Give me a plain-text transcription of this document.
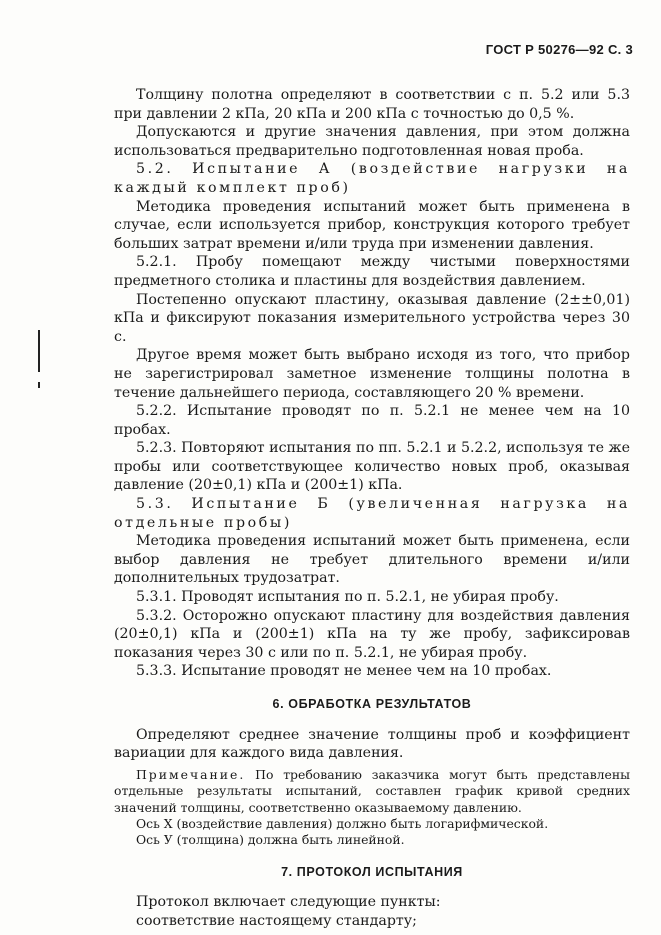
ГОСТ Р 50276—92 С. 3

Толщину полотна определяют в соответствии с п. 5.2 или 5.3 при давлении 2 кПа, 20 кПа и 200 кПа с точностью до 0,5 %.

Допускаются и другие значения давления, при этом должна использоваться предварительно подготовленная новая проба.

5.2. Испытание А (воздействие нагрузки на каждый комплект проб)

Методика проведения испытаний может быть применена в случае, если используется прибор, конструкция которого требует больших затрат времени и/или труда при изменении давления.

5.2.1. Пробу помещают между чистыми поверхностями предметного столика и пластины для воздействия давлением.

Постепенно опускают пластину, оказывая давление (2±±0,01) кПа и фиксируют показания измерительного устройства через 30 с.

Другое время может быть выбрано исходя из того, что прибор не зарегистрировал заметное изменение толщины полотна в течение дальнейшего периода, составляющего 20 % времени.

5.2.2. Испытание проводят по п. 5.2.1 не менее чем на 10 пробах.

5.2.3. Повторяют испытания по пп. 5.2.1 и 5.2.2, используя те же пробы или соответствующее количество новых проб, оказывая давление (20±0,1) кПа и (200±1) кПа.

5.3. Испытание Б (увеличенная нагрузка на отдельные пробы)

Методика проведения испытаний может быть применена, если выбор давления не требует длительного времени и/или дополнительных трудозатрат.

5.3.1. Проводят испытания по п. 5.2.1, не убирая пробу.

5.3.2. Осторожно опускают пластину для воздействия давления (20±0,1) кПа и (200±1) кПа на ту же пробу, зафиксировав показания через 30 с или по п. 5.2.1, не убирая пробу.

5.3.3. Испытание проводят не менее чем на 10 пробах.

6. ОБРАБОТКА РЕЗУЛЬТАТОВ

Определяют среднее значение толщины проб и коэффициент вариации для каждого вида давления.

Примечание. По требованию заказчика могут быть представлены отдельные результаты испытаний, составлен график кривой средних значений толщины, соответственно оказываемому давлению.

Ось X (воздействие давления) должно быть логарифмической.

Ось У (толщина) должна быть линейной.

7. ПРОТОКОЛ ИСПЫТАНИЯ

Протокол включает следующие пункты:

соответствие настоящему стандарту;
